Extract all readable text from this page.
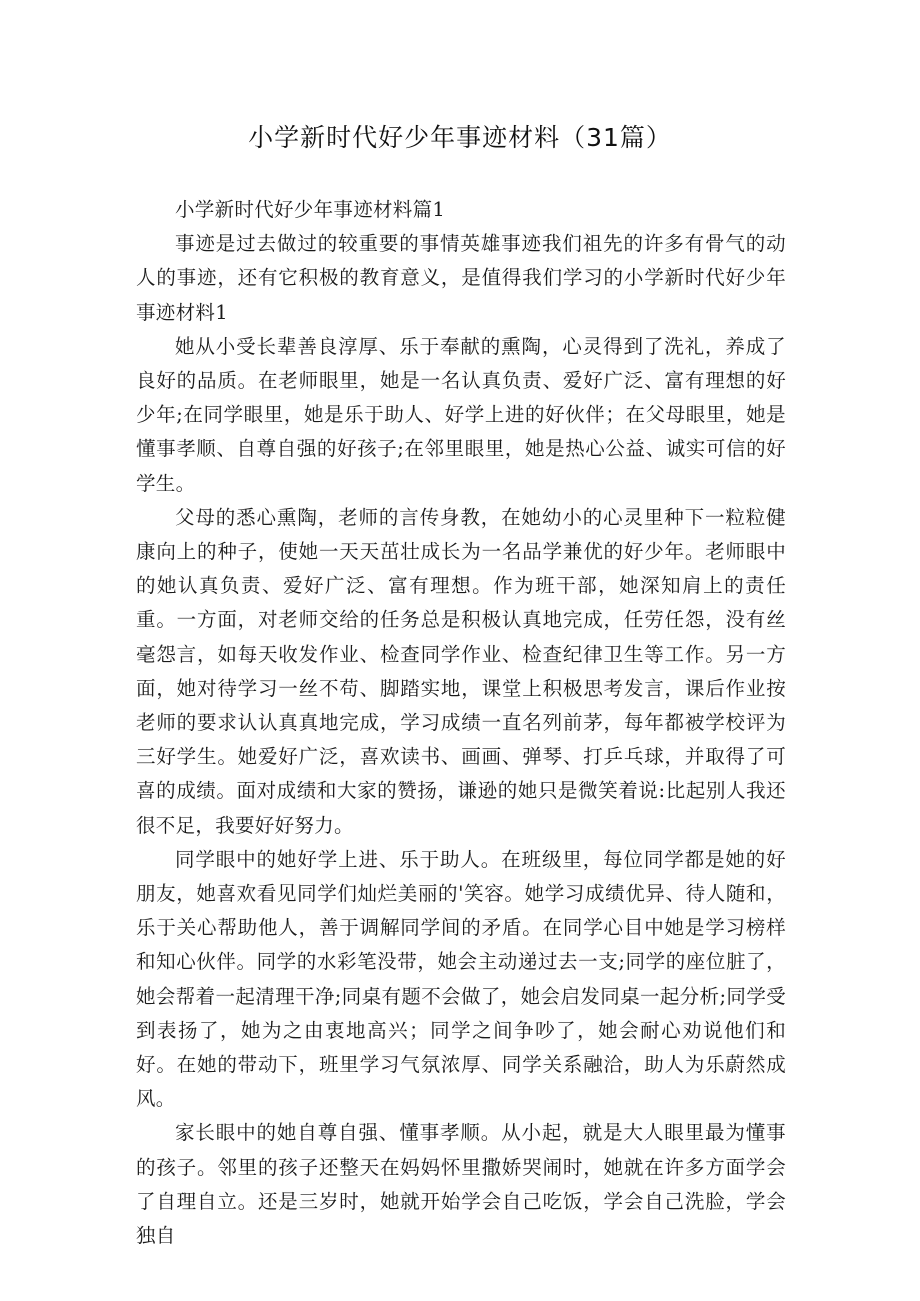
小学新时代好少年事迹材料（31篇）

小学新时代好少年事迹材料篇1

事迹是过去做过的较重要的事情英雄事迹我们祖先的许多有骨气的动人的事迹，还有它积极的教育意义，是值得我们学习的小学新时代好少年事迹材料1

她从小受长辈善良淳厚、乐于奉献的熏陶，心灵得到了洗礼，养成了良好的品质。在老师眼里，她是一名认真负责、爱好广泛、富有理想的好少年;在同学眼里，她是乐于助人、好学上进的好伙伴；在父母眼里，她是懂事孝顺、自尊自强的好孩子;在邻里眼里，她是热心公益、诚实可信的好学生。

父母的悉心熏陶，老师的言传身教，在她幼小的心灵里种下一粒粒健康向上的种子，使她一天天茁壮成长为一名品学兼优的好少年。老师眼中的她认真负责、爱好广泛、富有理想。作为班干部，她深知肩上的责任重。一方面，对老师交给的任务总是积极认真地完成，任劳任怨，没有丝毫怨言，如每天收发作业、检查同学作业、检查纪律卫生等工作。另一方面，她对待学习一丝不苟、脚踏实地，课堂上积极思考发言，课后作业按老师的要求认认真真地完成，学习成绩一直名列前茅，每年都被学校评为三好学生。她爱好广泛，喜欢读书、画画、弹琴、打乒乓球，并取得了可喜的成绩。面对成绩和大家的赞扬，谦逊的她只是微笑着说:比起别人我还很不足，我要好好努力。

同学眼中的她好学上进、乐于助人。在班级里，每位同学都是她的好朋友，她喜欢看见同学们灿烂美丽的'笑容。她学习成绩优异、待人随和，乐于关心帮助他人，善于调解同学间的矛盾。在同学心目中她是学习榜样和知心伙伴。同学的水彩笔没带，她会主动递过去一支;同学的座位脏了，她会帮着一起清理干净;同桌有题不会做了，她会启发同桌一起分析;同学受到表扬了，她为之由衷地高兴；同学之间争吵了，她会耐心劝说他们和好。在她的带动下，班里学习气氛浓厚、同学关系融洽，助人为乐蔚然成风。

家长眼中的她自尊自强、懂事孝顺。从小起，就是大人眼里最为懂事的孩子。邻里的孩子还整天在妈妈怀里撒娇哭闹时，她就在许多方面学会了自理自立。还是三岁时，她就开始学会自己吃饭，学会自己洗脸，学会独自
